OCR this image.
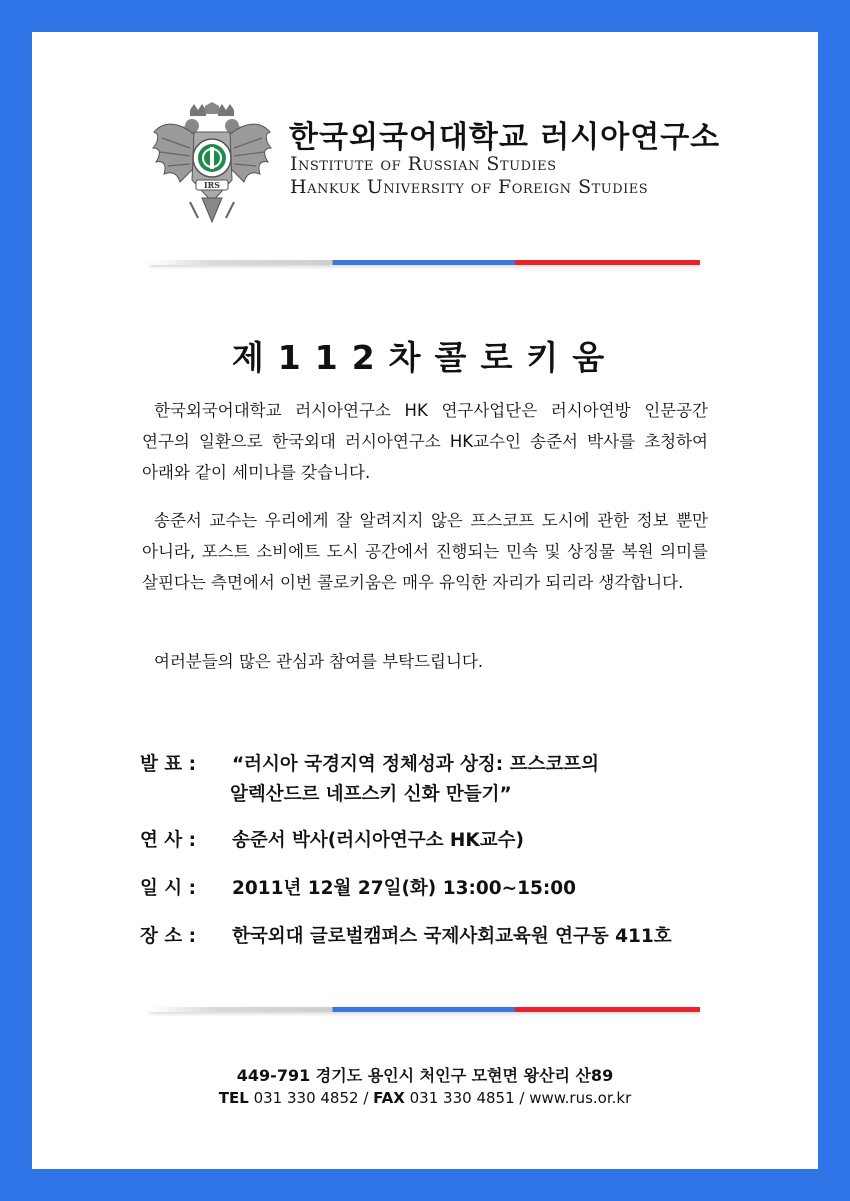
IRS
한국외국어대학교 러시아연구소
Institute of Russian Studies
Hankuk University of Foreign Studies
제112차콜로키움
한국외국어대학교 러시아연구소 HK 연구사업단은 러시아연방 인문공간 연구의 일환으로 한국외대 러시아연구소 HK교수인 송준서 박사를 초청하여 아래와 같이 세미나를 갖습니다.
송준서 교수는 우리에게 잘 알려지지 않은 프스코프 도시에 관한 정보 뿐만 아니라, 포스트 소비에트 도시 공간에서 진행되는 민속 및 상징물 복원 의미를 살핀다는 측면에서 이번 콜로키움은 매우 유익한 자리가 되리라 생각합니다.
여러분들의 많은 관심과 참여를 부탁드립니다.
발 표 : “러시아 국경지역 정체성과 상징: 프스코프의
알렉산드르 네프스키 신화 만들기”
연 사 : 송준서 박사(러시아연구소 HK교수)
일 시 : 2011년 12월 27일(화) 13:00~15:00
장 소 : 한국외대 글로벌캠퍼스 국제사회교육원 연구동 411호
449-791 경기도 용인시 처인구 모현면 왕산리 산89
TEL 031 330 4852 / FAX 031 330 4851 / www.rus.or.kr
